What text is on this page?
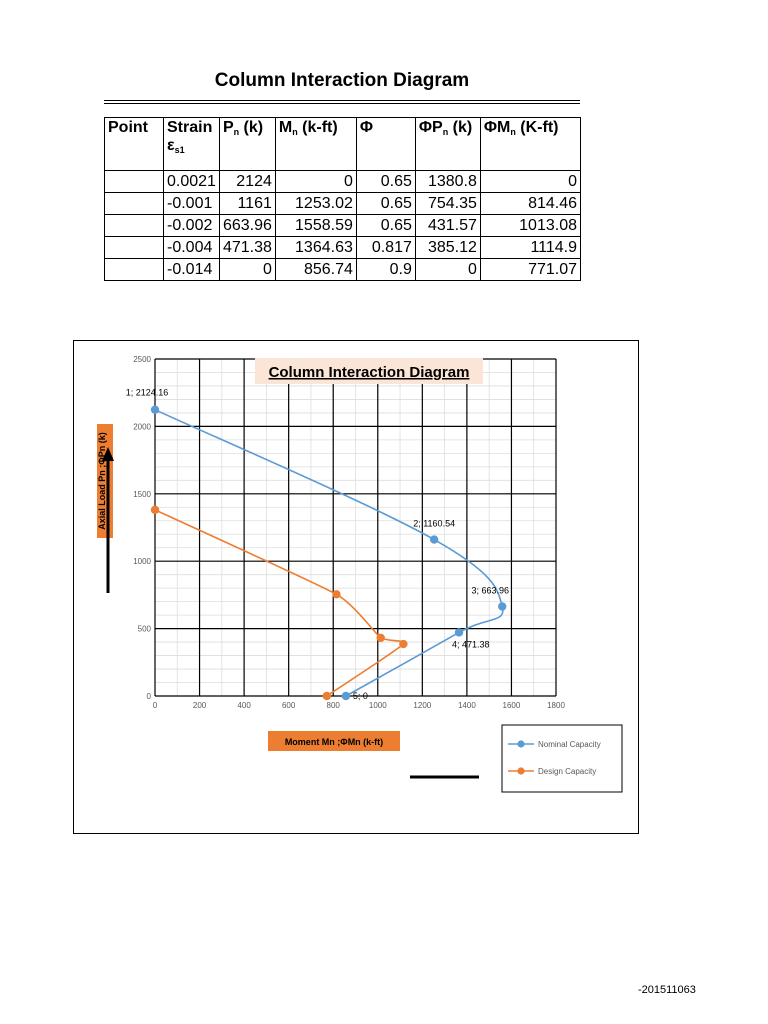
Column Interaction Diagram
Point	Strain $\varepsilon_{s1}$	$P_n$ (k)	$M_n$ (k-ft)	Φ	$\Phi P_n$ (k)	$\Phi M_n$ (K-ft)
	0.0021	2124	0	0.65	1380.8	0
	-0.001	1161	1253.02	0.65	754.35	814.46
	-0.002	663.96	1558.59	0.65	431.57	1013.08
	-0.004	471.38	1364.63	0.817	385.12	1114.9
	-0.014	0	856.74	0.9	0	771.07
0	200	400	600	800	1000	1200	1400	1600	1800
0
500
1000
1500
2000
2500
Column Interaction Diagram
Axial Load Pn ;ΦPn (k)
Moment Mn ;ΦMn (k-ft)
1; 2124.16
2; 1160.54
3; 663.96
4; 471.38
5; 0
Nominal Capacity
Design Capacity
-201511063
